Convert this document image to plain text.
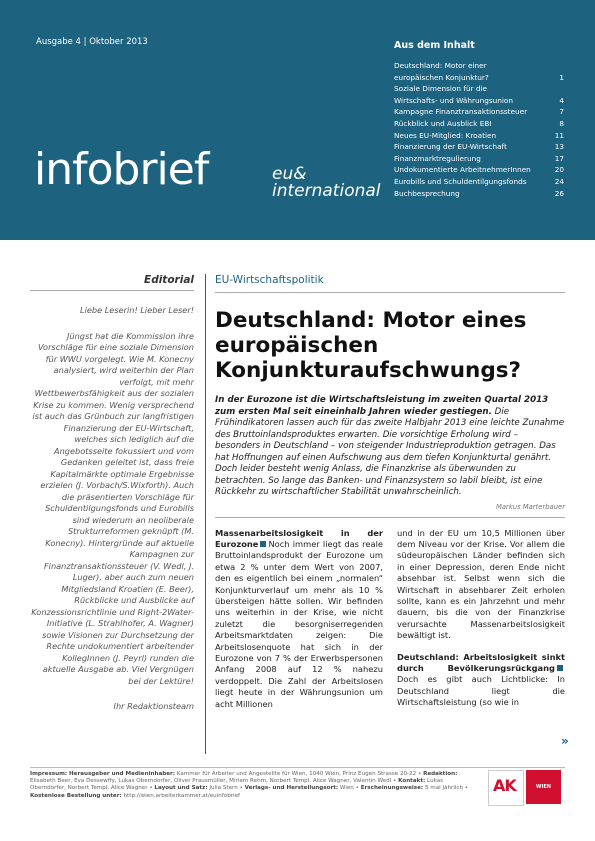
Ausgabe 4 | Oktober 2013
infobrief	eu&
international
Aus dem Inhalt
Deutschland: Motor einer
europäischen Konjunktur?	1
Soziale Dimension für die
Wirtschafts- und Währungsunion	4
Kampagne Finanztransaktionssteuer	7
Rückblick und Ausblick EBI	8
Neues EU-Mitglied: Kroatien	11
Finanzierung der EU-Wirtschaft	13
Finanzmarktregulierung	17
Undokumentierte ArbeitnehmerInnen	20
Eurobills und Schuldentilgungsfonds	24
Buchbesprechung	26
Editorial

Liebe Leserin! Lieber Leser!

Jüngst hat die Kommission ihre Vorschläge für eine soziale Dimension für WWU vorgelegt. Wie M. Konecny analysiert, wird weiterhin der Plan verfolgt, mit mehr Wettbewerbsfähigkeit aus der sozialen Krise zu kommen. Wenig versprechend ist auch das Grünbuch zur langfristigen Finanzierung der EU-Wirtschaft, welches sich lediglich auf die Angebotsseite fokussiert und vom Gedanken geleitet ist, dass freie Kapitalmärkte optimale Ergebnisse erzielen (J. Vorbach/S.Wixforth). Auch die präsentierten Vorschläge für Schuldentilgungsfonds und Eurobills sind wiederum an neoliberale Strukturreformen geknüpft (M. Konecny). Hintergründe auf aktuelle Kampagnen zur Finanztransaktionssteuer (V. Wedl, J. Luger), aber auch zum neuen Mitgliedsland Kroatien (E. Beer), Rückblicke und Ausblicke auf Konzessionsrichtlinie und Right-2Water-Initiative (L. Strahlhofer, A. Wagner) sowie Visionen zur Durchsetzung der Rechte undokumentiert arbeitender KollegInnen (J. Peyrl) runden die aktuelle Ausgabe ab. Viel Vergnügen bei der Lektüre!

Ihr Redaktionsteam

EU-Wirtschaftspolitik
Deutschland: Motor eines europäischen Konjunkturaufschwungs?
In der Eurozone ist die Wirtschaftsleistung im zweiten Quartal 2013 zum ersten Mal seit eineinhalb Jahren wieder gestiegen. Die Frühindikatoren lassen auch für das zweite Halbjahr 2013 eine leichte Zunahme des Bruttoinlandsproduktes erwarten. Die vorsichtige Erholung wird – besonders in Deutschland – von steigender Industrieproduktion getragen. Das hat Hoffnungen auf einen Aufschwung aus dem tiefen Konjunkturtal genährt. Doch leider besteht wenig Anlass, die Finanzkrise als überwunden zu betrachten. So lange das Banken- und Finanzsystem so labil bleibt, ist eine Rückkehr zu wirtschaftlicher Stabilität unwahrscheinlich.
Markus Marterbauer

Massenarbeitslosigkeit in der Eurozone Noch immer liegt das reale Bruttoinlandsprodukt der Eurozone um etwa 2 % unter dem Wert von 2007, den es eigentlich bei einem „normalen“ Konjunkturverlauf um mehr als 10 % übersteigen hätte sollen. Wir befinden uns weiterhin in der Krise, wie nicht zuletzt die besorgniserregenden Arbeitsmarktdaten zeigen: Die Arbeitslosenquote hat sich in der Eurozone von 7 % der Erwerbspersonen Anfang 2008 auf 12 % nahezu verdoppelt. Die Zahl der Arbeitslosen liegt heute in der Währungsunion um acht Millionen

und in der EU um 10,5 Millionen über dem Niveau vor der Krise. Vor allem die südeuropäischen Länder befinden sich in einer Depression, deren Ende nicht absehbar ist. Selbst wenn sich die Wirtschaft in absehbarer Zeit erholen sollte, kann es ein Jahrzehnt und mehr dauern, bis die von der Finanzkrise verursachte Massenarbeitslosigkeit bewältigt ist.

Deutschland: Arbeitslosigkeit sinkt durch BevölkerungsrückgangDoch es gibt auch Lichtblicke: In Deutschland liegt die Wirtschaftsleistung (so wie in

»
Impressum: Herausgeber und Medieninhaber: Kammer für Arbeiter und Angestellte für Wien, 1040 Wien, Prinz Eugen Strasse 20-22 • Redaktion: Elisabeth Beer, Eva Dessewffy, Lukas Oberndorfer, Oliver Prausmüller, Miriam Rehm, Norbert Templ, Alice Wagner, Valentin Wedl • Kontakt: Lukas Oberndorfer, Norbert Templ, Alice Wagner • Layout und Satz: Julia Stern • Verlags- und Herstellungsort: Wien • Erscheinungsweise: 5 mal jährlich • Kostenlose Bestellung unter: http://wien.arbeiterkammer.at/euinfobrief
AK	WIEN
